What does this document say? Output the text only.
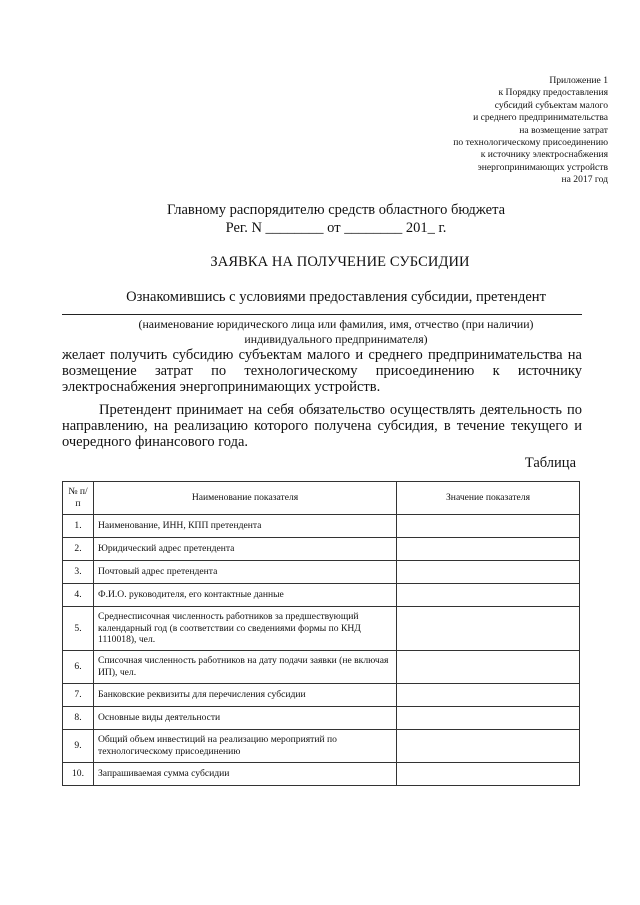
Приложение 1
к Порядку предоставления
субсидий субъектам малого
и среднего предпринимательства
на возмещение затрат
по технологическому присоединению
к источнику электроснабжения
энергопринимающих устройств
на 2017 год
Главному распорядителю средств областного бюджета
Рег. N ________ от ________ 201_ г.
ЗАЯВКА НА ПОЛУЧЕНИЕ СУБСИДИИ
Ознакомившись с условиями предоставления субсидии, претендент
(наименование юридического лица или фамилия, имя, отчество (при наличии)
индивидуального предпринимателя)
желает получить субсидию субъектам малого и среднего предпринимательства на возмещение затрат по технологическому присоединению к источнику электроснабжения энергопринимающих устройств.
Претендент принимает на себя обязательство осуществлять деятельность по направлению, на реализацию которого получена субсидия, в течение текущего и очередного финансового года.
Таблица
№ п/п	Наименование показателя	Значение показателя
1.	Наименование, ИНН, КПП претендента	
2.	Юридический адрес претендента	
3.	Почтовый адрес претендента	
4.	Ф.И.О. руководителя, его контактные данные	
5.	Среднесписочная численность работников за предшествующий календарный год (в соответствии со сведениями формы по КНД 1110018), чел.	
6.	Списочная численность работников на дату подачи заявки (не включая ИП), чел.	
7.	Банковские реквизиты для перечисления субсидии	
8.	Основные виды деятельности	
9.	Общий объем инвестиций на реализацию мероприятий по технологическому присоединению	
10.	Запрашиваемая сумма субсидии	
